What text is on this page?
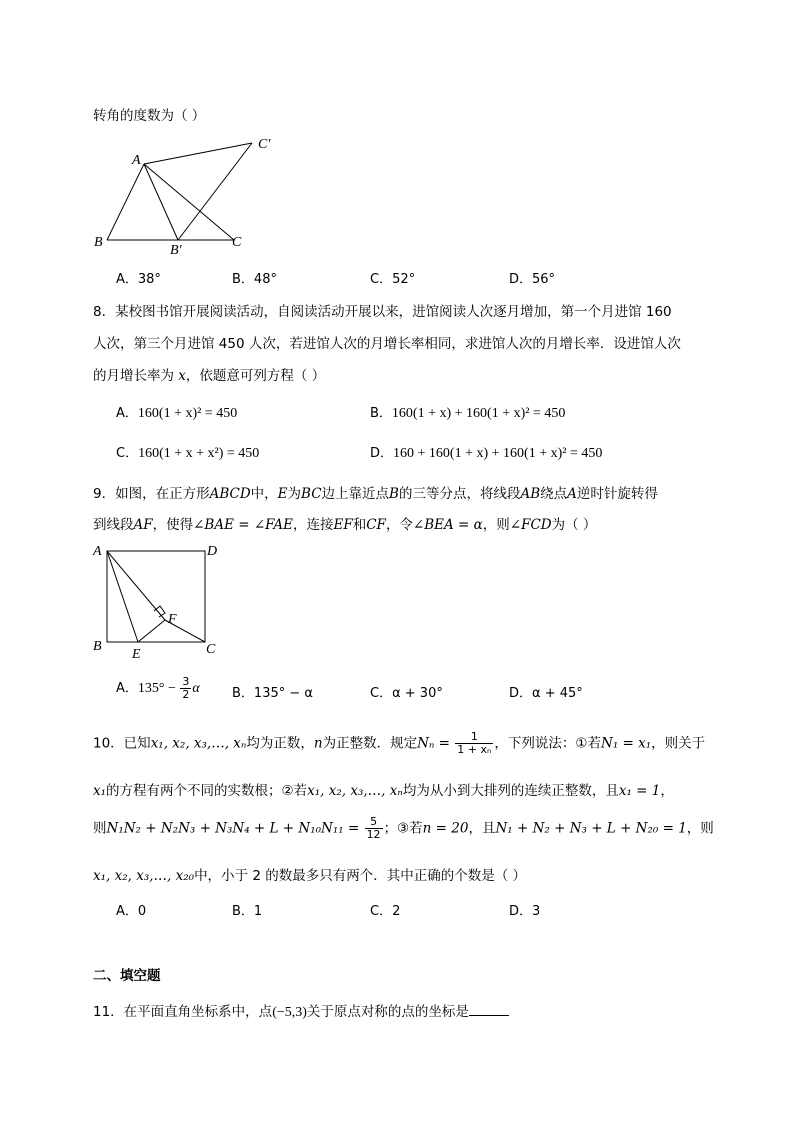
转角的度数为（ ）
A
C′
B
B′
C
A．38°	B．48°	C．52°	D．56°
8．某校图书馆开展阅读活动，自阅读活动开展以来，进馆阅读人次逐月增加，第一个月进馆 160
人次，第三个月进馆 450 人次，若进馆人次的月增长率相同，求进馆人次的月增长率．设进馆人次
的月增长率为 x，依题意可列方程（ ）
A．160(1 + x)² = 450	B．160(1 + x) + 160(1 + x)² = 450
C．160(1 + x + x²) = 450	D．160 + 160(1 + x) + 160(1 + x)² = 450
9．如图，在正方形ABCD中，E为BC边上靠近点B的三等分点，将线段AB绕点A逆时针旋转得
到线段AF，使得∠BAE = ∠FAE，连接EF和CF，令∠BEA = α，则∠FCD为（ ）
A	D
F
B
E	C
A．$135^\circ - \frac{3}{2}$ α B．135° − α	C．α + 30°	D．α + 45°
10．已知x₁, x₂, x₃,…, xₙ均为正数，n为正整数．规定$N_n = \frac{1}{\text{1 + xₙ}}$ ，下列说法：①若N₁ = x₁，则关于
x₁的方程有两个不同的实数根；②若x₁, x₂, x₃,…, xₙ均为从小到大排列的连续正整数，且x₁ = 1，
则$N_1N_2 + N_2N_3 + N_3N_4 + L + N_{10}N_{11} = \frac{5}{12}$ ；③若n = 20，且N₁ + N₂ + N₃ + L + N₂₀ = 1，则
x₁, x₂, x₃,…, x₂₀中，小于 2 的数最多只有两个．其中正确的个数是（ ）
A．0	B．1	C．2	D．3
二、填空题
11．在平面直角坐标系中，点(−5,3)关于原点对称的点的坐标是
